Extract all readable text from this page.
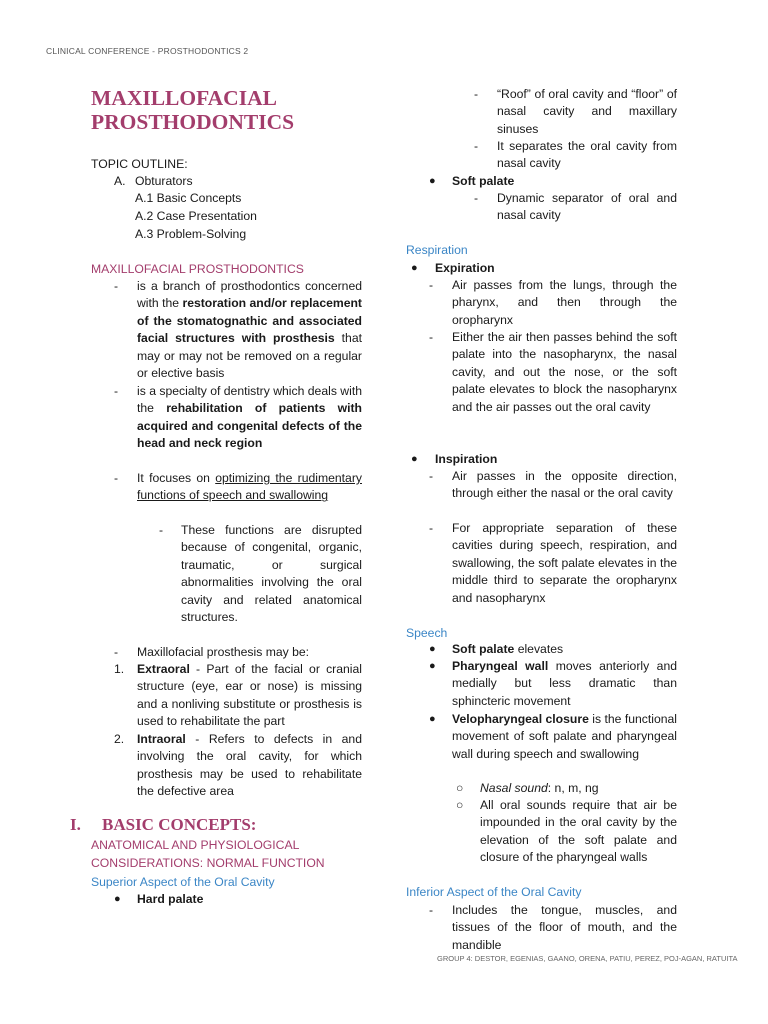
CLINICAL CONFERENCE - PROSTHODONTICS 2
MAXILLOFACIAL
PROSTHODONTICS
TOPIC OUTLINE:
A. Obturators
A.1 Basic Concepts
A.2 Case Presentation
A.3 Problem-Solving
MAXILLOFACIAL PROSTHODONTICS
-	is a branch of prosthodontics concerned with the restoration and/or replacement of the stomatognathic and associated facial structures with prosthesis that may or may not be removed on a regular or elective basis
-	is a specialty of dentistry which deals with the rehabilitation of patients with acquired and congenital defects of the head and neck region
-	It focuses on optimizing the rudimentary functions of speech and swallowing
-	These functions are disrupted because of congenital, organic, traumatic, or surgical abnormalities involving the oral cavity and related anatomical structures.
-	Maxillofacial prosthesis may be:
1.	Extraoral - Part of the facial or cranial structure (eye, ear or nose) is missing and a nonliving substitute or prosthesis is used to rehabilitate the part
2.	Intraoral - Refers to defects in and involving the oral cavity, for which prosthesis may be used to rehabilitate the defective area
I.	BASIC CONCEPTS:
ANATOMICAL AND PHYSIOLOGICAL
CONSIDERATIONS: NORMAL FUNCTION
Superior Aspect of the Oral Cavity
●	Hard palate
-	“Roof” of oral cavity and “floor” of nasal cavity and maxillary sinuses
-	It separates the oral cavity from nasal cavity
●	Soft palate
-	Dynamic separator of oral and nasal cavity
Respiration
●	Expiration
-	Air passes from the lungs, through the pharynx, and then through the oropharynx
-	Either the air then passes behind the soft palate into the nasopharynx, the nasal cavity, and out the nose, or the soft palate elevates to block the nasopharynx and the air passes out the oral cavity
●	Inspiration
-	Air passes in the opposite direction, through either the nasal or the oral cavity
-	For appropriate separation of these cavities during speech, respiration, and swallowing, the soft palate elevates in the middle third to separate the oropharynx and nasopharynx
Speech
●	Soft palate elevates
●	Pharyngeal wall moves anteriorly and medially but less dramatic than sphincteric movement
●	Velopharyngeal closure is the functional movement of soft palate and pharyngeal wall during speech and swallowing
○	Nasal sound: n, m, ng
○	All oral sounds require that air be impounded in the oral cavity by the elevation of the soft palate and closure of the pharyngeal walls
Inferior Aspect of the Oral Cavity
-	Includes the tongue, muscles, and tissues of the floor of mouth, and the mandible
GROUP 4: DESTOR, EGENIAS, GAANO, ORENA, PATIU, PEREZ, POJ-AGAN, RATUITA
